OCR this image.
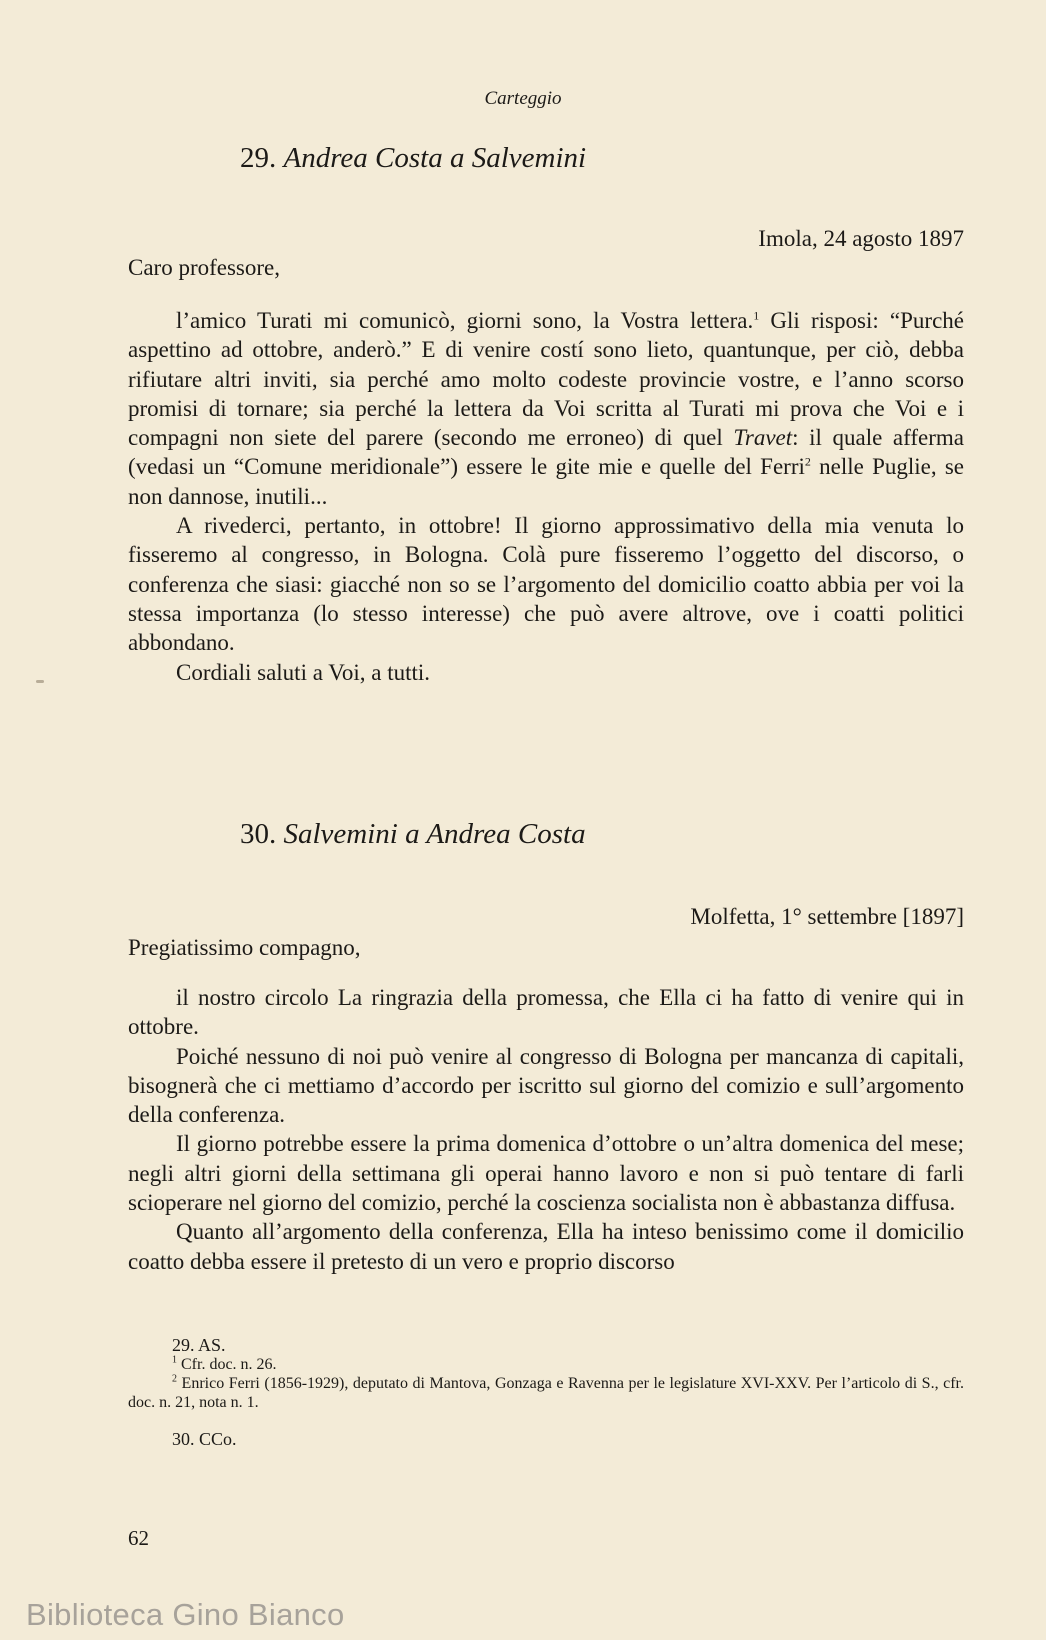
Carteggio
29. Andrea Costa a Salvemini
Imola, 24 agosto 1897
Caro professore,

l’amico Turati mi comunicò, giorni sono, la Vostra lettera.$^1$ Gli risposi: “Purché aspettino ad ottobre, anderò.” E di venire costí sono lieto, quantunque, per ciò, debba rifiutare altri inviti, sia perché amo molto codeste provincie vostre, e l’anno scorso promisi di tornare; sia perché la lettera da Voi scritta al Turati mi prova che Voi e i compagni non siete del parere (secondo me erroneo) di quel Travet: il quale afferma (vedasi un “Comune meridionale”) essere le gite mie e quelle del Ferri$^2$ nelle Puglie, se non dannose, inutili...

A rivederci, pertanto, in ottobre! Il giorno approssimativo della mia venuta lo fisseremo al congresso, in Bologna. Colà pure fisseremo l’oggetto del discorso, o conferenza che siasi: giacché non so se l’argomento del domicilio coatto abbia per voi la stessa importanza (lo stesso interesse) che può avere altrove, ove i coatti politici abbondano.

Cordiali saluti a Voi, a tutti.

30. Salvemini a Andrea Costa
Molfetta, 1° settembre [1897]
Pregiatissimo compagno,

il nostro circolo La ringrazia della promessa, che Ella ci ha fatto di venire qui in ottobre.

Poiché nessuno di noi può venire al congresso di Bologna per mancanza di capitali, bisognerà che ci mettiamo d’accordo per iscritto sul giorno del comizio e sull’argomento della conferenza.

Il giorno potrebbe essere la prima domenica d’ottobre o un’altra domenica del mese; negli altri giorni della settimana gli operai hanno lavoro e non si può tentare di farli scioperare nel giorno del comizio, perché la coscienza socialista non è abbastanza diffusa.

Quanto all’argomento della conferenza, Ella ha inteso benissimo come il domicilio coatto debba essere il pretesto di un vero e proprio discorso

29. AS.
$^1$ Cfr. doc. n. 26.
$^2$ Enrico Ferri (1856-1929), deputato di Mantova, Gonzaga e Ravenna per le legislature XVI-XXV. Per l’articolo di S., cfr. doc. n. 21, nota n. 1.
30. CCo.
62
Biblioteca Gino Bianco
